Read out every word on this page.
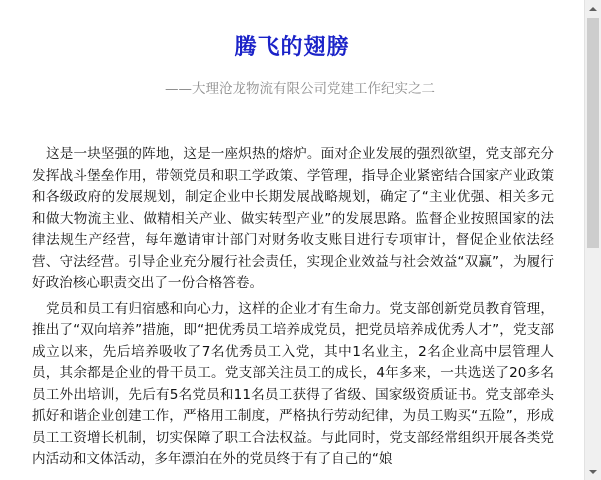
腾飞的翅膀
——大理沧龙物流有限公司党建工作纪实之二

这是一块坚强的阵地，这是一座炽热的熔炉。面对企业发展的强烈欲望，党支部充分发挥战斗堡垒作用，带领党员和职工学政策、学管理，指导企业紧密结合国家产业政策和各级政府的发展规划，制定企业中长期发展战略规划，确定了“主业优强、相关多元和做大物流主业、做精相关产业、做实转型产业”的发展思路。监督企业按照国家的法律法规生产经营，每年邀请审计部门对财务收支账目进行专项审计，督促企业依法经营、守法经营。引导企业充分履行社会责任，实现企业效益与社会效益“双赢”，为履行好政治核心职责交出了一份合格答卷。

党员和员工有归宿感和向心力，这样的企业才有生命力。党支部创新党员教育管理，推出了“双向培养”措施，即“把优秀员工培养成党员，把党员培养成优秀人才”，党支部成立以来，先后培养吸收了7名优秀员工入党，其中1名业主，2名企业高中层管理人员，其余都是企业的骨干员工。党支部关注员工的成长，4年多来，一共选送了20多名员工外出培训，先后有5名党员和11名员工获得了省级、国家级资质证书。党支部牵头抓好和谐企业创建工作，严格用工制度，严格执行劳动纪律，为员工购买“五险”，形成员工工资增长机制，切实保障了职工合法权益。与此同时，党支部经常组织开展各类党内活动和文体活动，多年漂泊在外的党员终于有了自己的“娘
